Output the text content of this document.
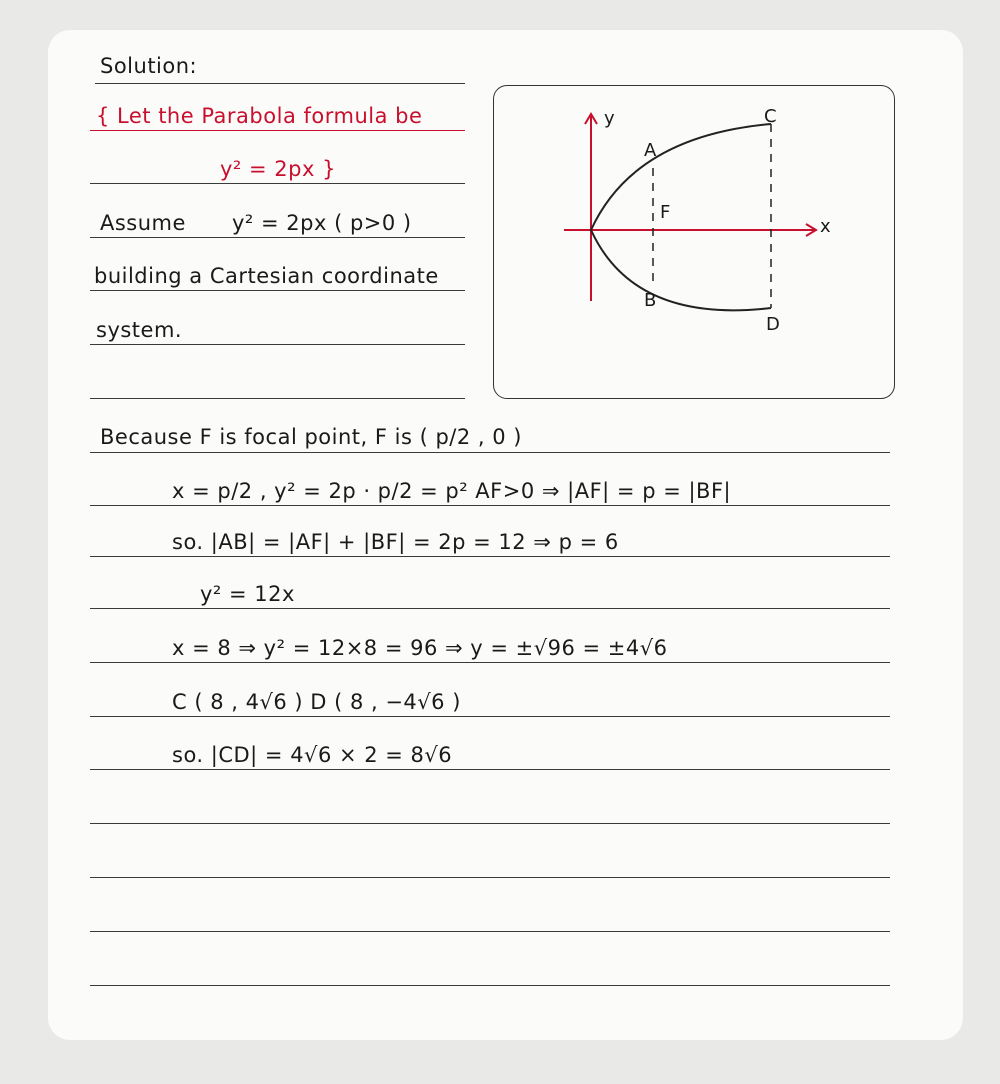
Solution:
{ Let the Parabola formula be
y² = 2px }
Assume y² = 2px ( p>0 )
building a Cartesian coordinate
system.
y
x
A
B
C
D
F
Because F is focal point, F is ( p/2 , 0 )
x = p/2 , y² = 2p · p/2 = p² AF>0 ⇒ |AF| = p = |BF|
so. |AB| = |AF| + |BF| = 2p = 12 ⇒ p = 6
y² = 12x
x = 8 ⇒ y² = 12×8 = 96 ⇒ y = ±√96 = ±4√6
C ( 8 , 4√6 ) D ( 8 , −4√6 )
so. |CD| = 4√6 × 2 = 8√6
